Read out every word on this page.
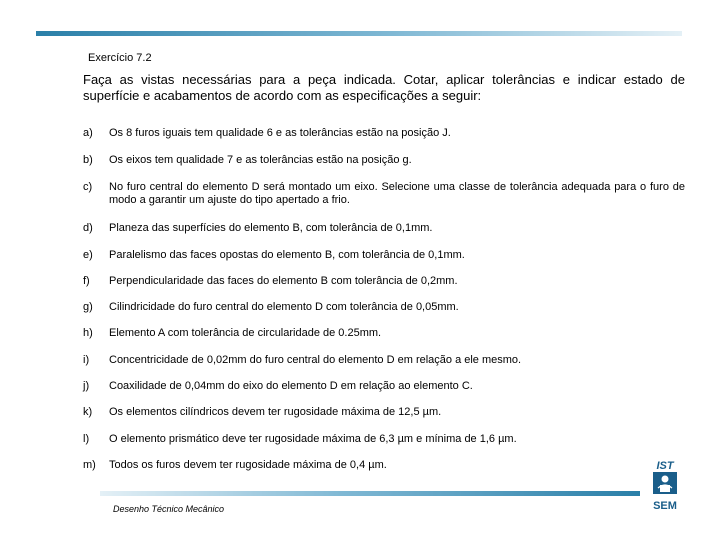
Exercício 7.2
Faça as vistas necessárias para a peça indicada. Cotar, aplicar tolerâncias e indicar estado de superfície e acabamentos de acordo com as especificações a seguir:
a) Os 8 furos iguais tem qualidade 6 e as tolerâncias estão na posição J.
b) Os eixos tem qualidade 7 e as tolerâncias estão na posição g.
c) No furo central do elemento D será montado um eixo. Selecione uma classe de tolerância adequada para o furo de modo a garantir um ajuste do tipo apertado a frio.
d) Planeza das superfícies do elemento B, com tolerância de 0,1mm.
e) Paralelismo das faces opostas do elemento B, com tolerância de 0,1mm.
f) Perpendicularidade das faces do elemento B com tolerância de 0,2mm.
g) Cilindricidade do furo central do elemento D com tolerância de 0,05mm.
h) Elemento A com tolerância de circularidade de 0.25mm.
i) Concentricidade de 0,02mm do furo central do elemento D em relação a ele mesmo.
j) Coaxilidade de 0,04mm do eixo do elemento D em relação ao elemento C.
k) Os elementos cilíndricos devem ter rugosidade máxima de 12,5 µm.
l) O elemento prismático deve ter rugosidade máxima de 6,3 µm e mínima de 1,6 µm.
m) Todos os furos devem ter rugosidade máxima de 0,4 µm.
Desenho Técnico Mecânico
IST
SEM
